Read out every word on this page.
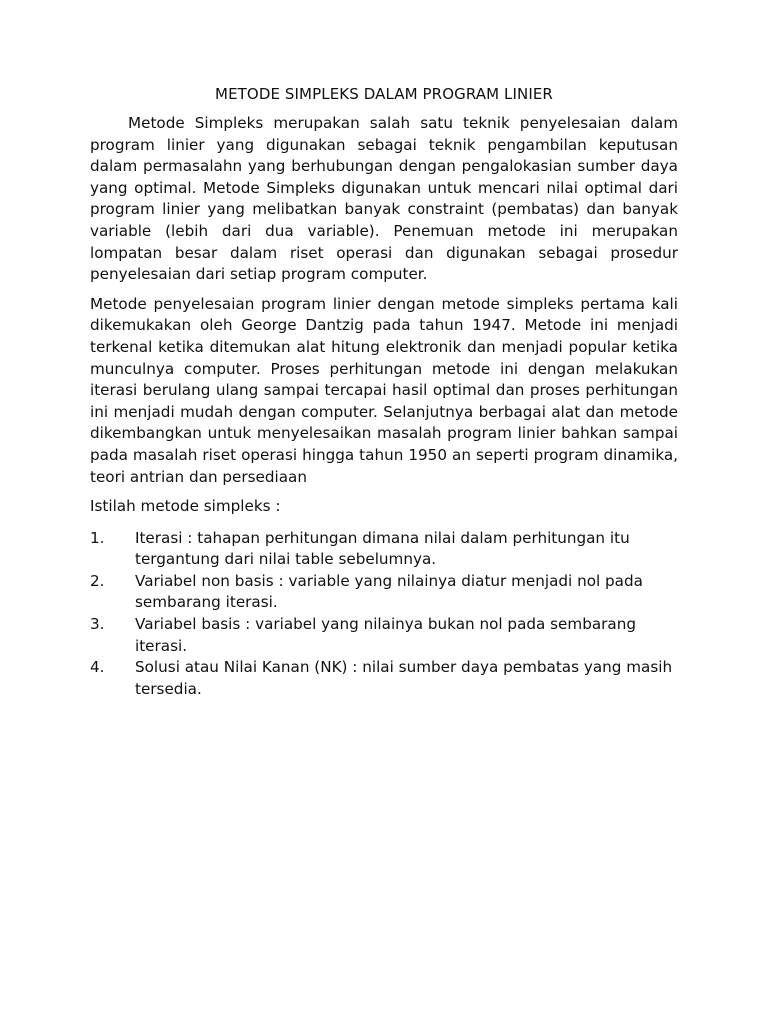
METODE SIMPLEKS DALAM PROGRAM LINIER

Metode Simpleks merupakan salah satu teknik penyelesaian dalam program linier yang digunakan sebagai teknik pengambilan keputusan dalam permasalahn yang berhubungan dengan pengalokasian sumber daya yang optimal. Metode Simpleks digunakan untuk mencari nilai optimal dari program linier yang melibatkan banyak constraint (pembatas) dan banyak variable (lebih dari dua variable). Penemuan metode ini merupakan lompatan besar dalam riset operasi dan digunakan sebagai prosedur penyelesaian dari setiap program computer.

Metode penyelesaian program linier dengan metode simpleks pertama kali dikemukakan oleh George Dantzig pada tahun 1947. Metode ini menjadi terkenal ketika ditemukan alat hitung elektronik dan menjadi popular ketika munculnya computer. Proses perhitungan metode ini dengan melakukan iterasi berulang ulang sampai tercapai hasil optimal dan proses perhitungan ini menjadi mudah dengan computer. Selanjutnya berbagai alat dan metode dikembangkan untuk menyelesaikan masalah program linier bahkan sampai pada masalah riset operasi hingga tahun 1950 an seperti program dinamika, teori antrian dan persediaan

Istilah metode simpleks :

1.	Iterasi : tahapan perhitungan dimana nilai dalam perhitungan itu tergantung dari nilai table sebelumnya.
2.	Variabel non basis : variable yang nilainya diatur menjadi nol pada sembarang iterasi.
3.	Variabel basis : variabel yang nilainya bukan nol pada sembarang iterasi.
4.	Solusi atau Nilai Kanan (NK) : nilai sumber daya pembatas yang masih tersedia.
